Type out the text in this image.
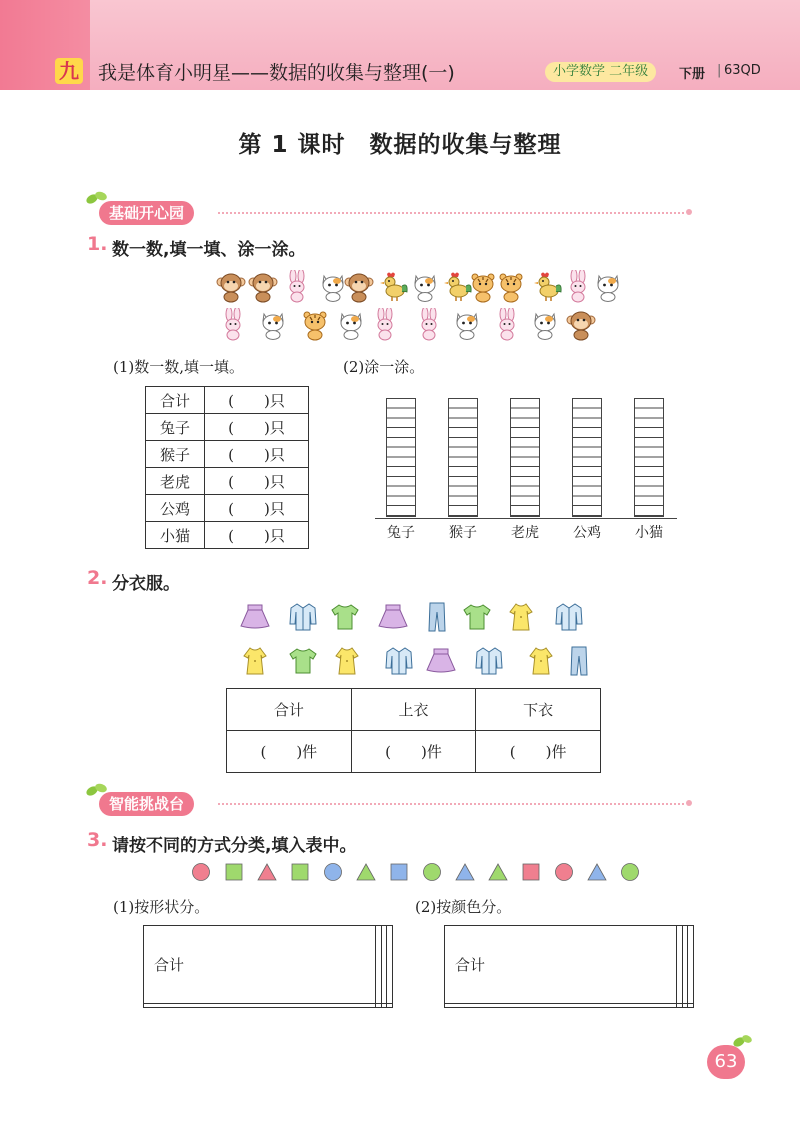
九 我是体育小明星——数据的收集与整理(一)	小学数学 二年级	下册 | 63QD
第 1 课时　数据的收集与整理
基础开心园
1. 数一数,填一填、涂一涂。
(1)数一数,填一填。	(2)涂一涂。
合计	(　　)只
兔子	(　　)只
猴子	(　　)只
老虎	(　　)只
公鸡	(　　)只
小猫	(　　)只	兔子	猴子	老虎	公鸡	小猫
2. 分衣服。
合计	上衣	下衣
(　　)件	(　　)件	(　　)件
智能挑战台
3. 请按不同的方式分类,填入表中。
(1)按形状分。	(2)按颜色分。
合计			
				合计			

63
